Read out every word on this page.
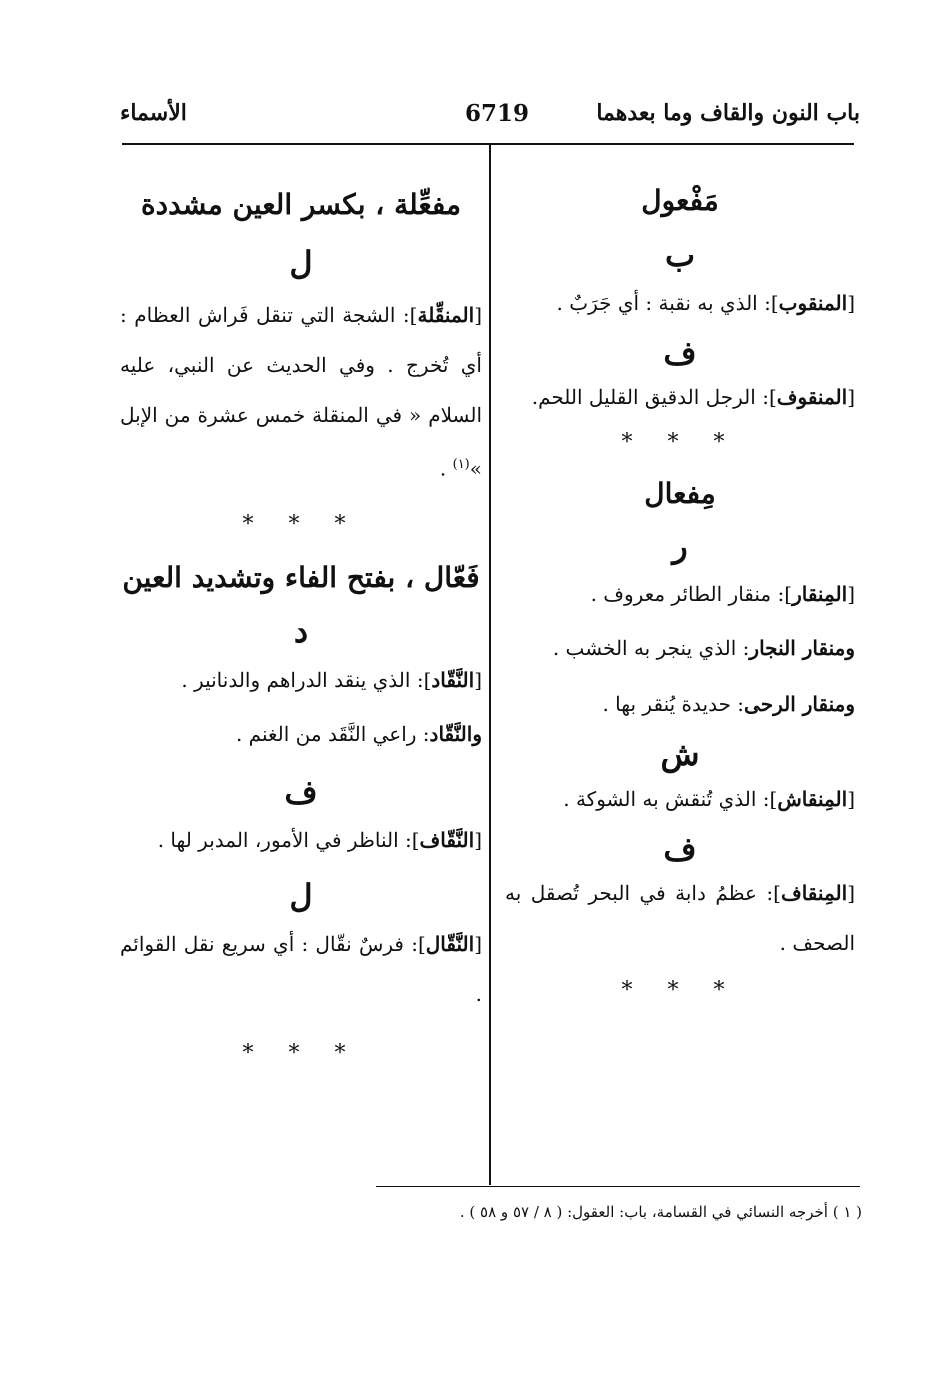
باب النون والقاف وما بعدهما
6719
الأسماء
مَفْعول
ب
[المنقوب]: الذي به نقبة : أي جَرَبٌ .
ف
[المنقوف]: الرجل الدقيق القليل اللحم.
* * *
مِفعال
ر
[المِنقار]: منقار الطائر معروف .
ومنقار النجار: الذي ينجر به الخشب .
ومنقار الرحى: حديدة يُنقر بها .
ش
[المِنقاش]: الذي تُنقش به الشوكة .
ف
[المِنقاف]: عظمُ دابة في البحر تُصقل به الصحف .
* * *
مفعِّلة ، بكسر العين مشددة
ل
[المنقِّلة]: الشجة التي تنقل فَراش العظام : أي تُخرج . وفي الحديث عن النبي، عليه السلام « في المنقلة خمس عشرة من الإبل »$^{(١)}$ .
* * *
فَعّال ، بفتح الفاء وتشديد العين
د
[النَّقّاد]: الذي ينقد الدراهم والدنانير .
والنَّقّاد: راعي النَّقَد من الغنم .
ف
[النَّقّاف]: الناظر في الأمور، المدبر لها .
ل
[النَّقّال]: فرسٌ نقّال : أي سريع نقل القوائم .
* * *
( ١ ) أخرجه النسائي في القسامة، باب: العقول: ( ٨ / ٥٧ و ٥٨ ) .
